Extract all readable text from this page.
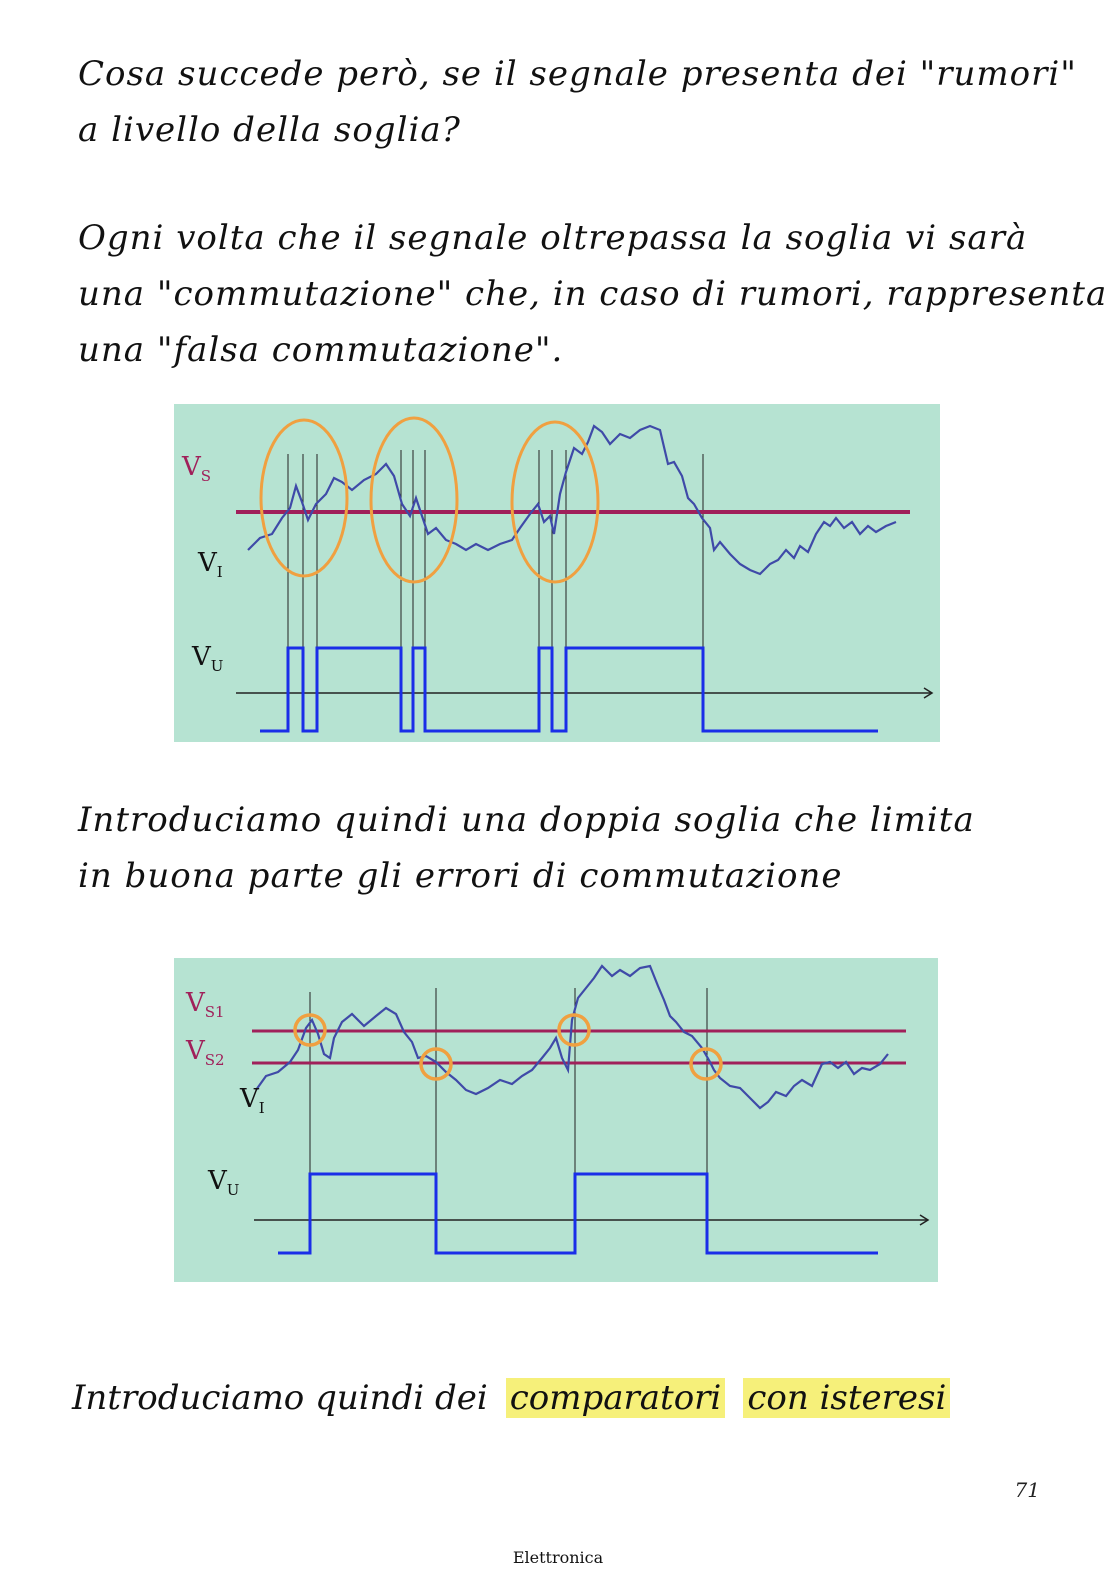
Cosa succede però, se il segnale presenta dei "rumori"
a livello della soglia?
Ogni volta che il segnale oltrepassa la soglia vi sarà
una "commutazione" che, in caso di rumori, rappresenta
una "falsa commutazione".
$V_S$
$V_I$
$V_U$
Introduciamo quindi una doppia soglia che limita
in buona parte gli errori di commutazione
$V_{S1}$
$V_{S2}$
$V_I$
$V_U$
Introduciamo quindi dei comparatori con isteresi
71
Elettronica
